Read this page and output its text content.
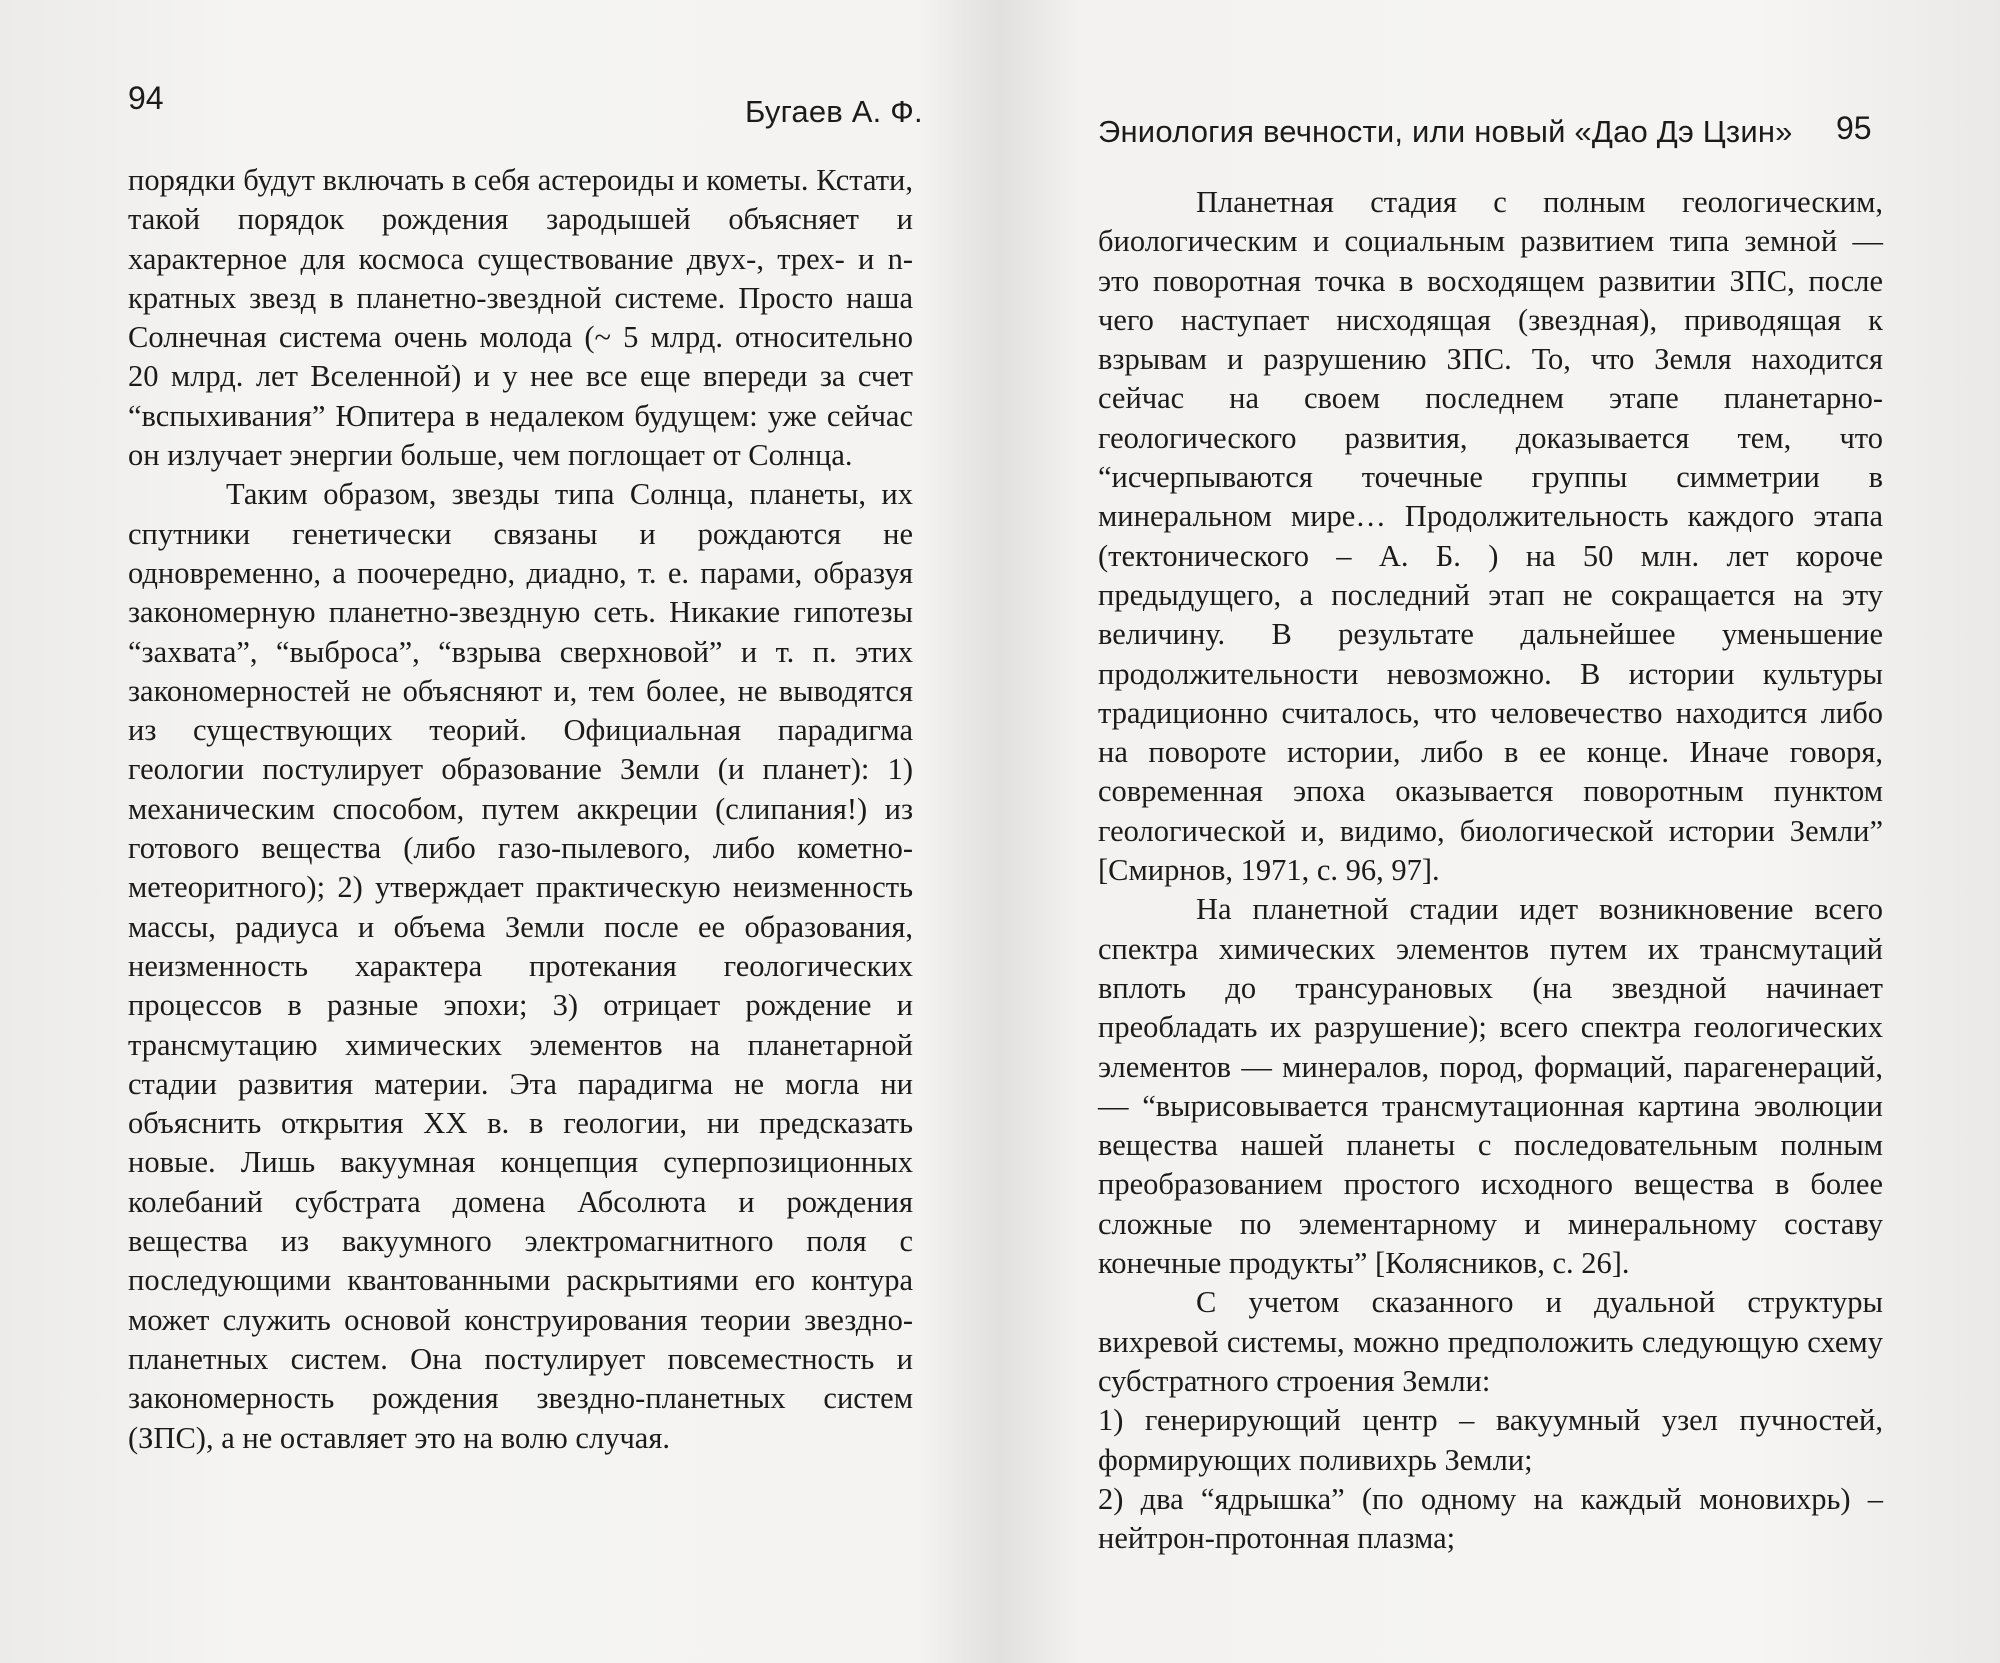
94	Бугаев А. Ф.

порядки будут включать в себя астероиды и кометы. Кстати, такой порядок рождения зародышей объясняет и характерное для космоса существование двух-, трех- и n-кратных звезд в планетно-звездной системе. Просто наша Солнечная система очень молода (~ 5 млрд. относительно 20 млрд. лет Вселенной) и у нее все еще впереди за счет “вспыхивания” Юпитера в недалеком будущем: уже сейчас он излучает энергии больше, чем поглощает от Солнца.

Таким образом, звезды типа Солнца, планеты, их спутники генетически связаны и рождаются не одновременно, а поочередно, диадно, т. е. парами, образуя закономерную планетно-звездную сеть. Никакие гипотезы “захвата”, “выброса”, “взрыва сверхновой” и т. п. этих закономерностей не объясняют и, тем более, не выводятся из существующих теорий. Официальная парадигма геологии постулирует образование Земли (и планет): 1) механическим способом, путем аккреции (слипания!) из готового вещества (либо газо-пылевого, либо кометно-метеоритного); 2) утверждает практическую неизменность массы, радиуса и объема Земли после ее образования, неизменность характера протекания геологических процессов в разные эпохи; 3) отрицает рождение и трансмутацию химических элементов на планетарной стадии развития материи. Эта парадигма не могла ни объяснить открытия XX в. в геологии, ни предсказать новые. Лишь вакуумная концепция суперпозиционных колебаний субстрата домена Абсолюта и рождения вещества из вакуумного электромагнитного поля с последующими квантованными раскрытиями его контура может служить основой конструирования теории звездно-планетных систем. Она постулирует повсеместность и закономерность рождения звездно-планетных систем (ЗПС), а не оставляет это на волю случая.

Эниология вечности, или новый «Дао Дэ Цзин» 95

Планетная стадия с полным геологическим, биологическим и социальным развитием типа земной — это поворотная точка в восходящем развитии ЗПС, после чего наступает нисходящая (звездная), приводящая к взрывам и разрушению ЗПС. То, что Земля находится сейчас на своем последнем этапе планетарно-геологического развития, доказывается тем, что “исчерпываются точечные группы симметрии в минеральном мире… Продолжительность каждого этапа (тектонического – А. Б. ) на 50 млн. лет короче предыдущего, а последний этап не сокращается на эту величину. В результате дальнейшее уменьшение продолжительности невозможно. В истории культуры традиционно считалось, что человечество находится либо на повороте истории, либо в ее конце. Иначе говоря, современная эпоха оказывается поворотным пунктом геологической и, видимо, биологической истории Земли” [Смирнов, 1971, с. 96, 97].

На планетной стадии идет возникновение всего спектра химических элементов путем их трансмутаций вплоть до трансурановых (на звездной начинает преобладать их разрушение); всего спектра геологических элементов — минералов, пород, формаций, парагенераций, — “вырисовывается трансмутационная картина эволюции вещества нашей планеты с последовательным полным преобразованием простого исходного вещества в более сложные по элементарному и минеральному составу конечные продукты” [Колясников, с. 26].

С учетом сказанного и дуальной структуры вихревой системы, можно предположить следующую схему субстратного строения Земли:

1) генерирующий центр – вакуумный узел пучностей, формирующих поливихрь Земли;

2) два “ядрышка” (по одному на каждый моновихрь) – нейтрон-протонная плазма;
